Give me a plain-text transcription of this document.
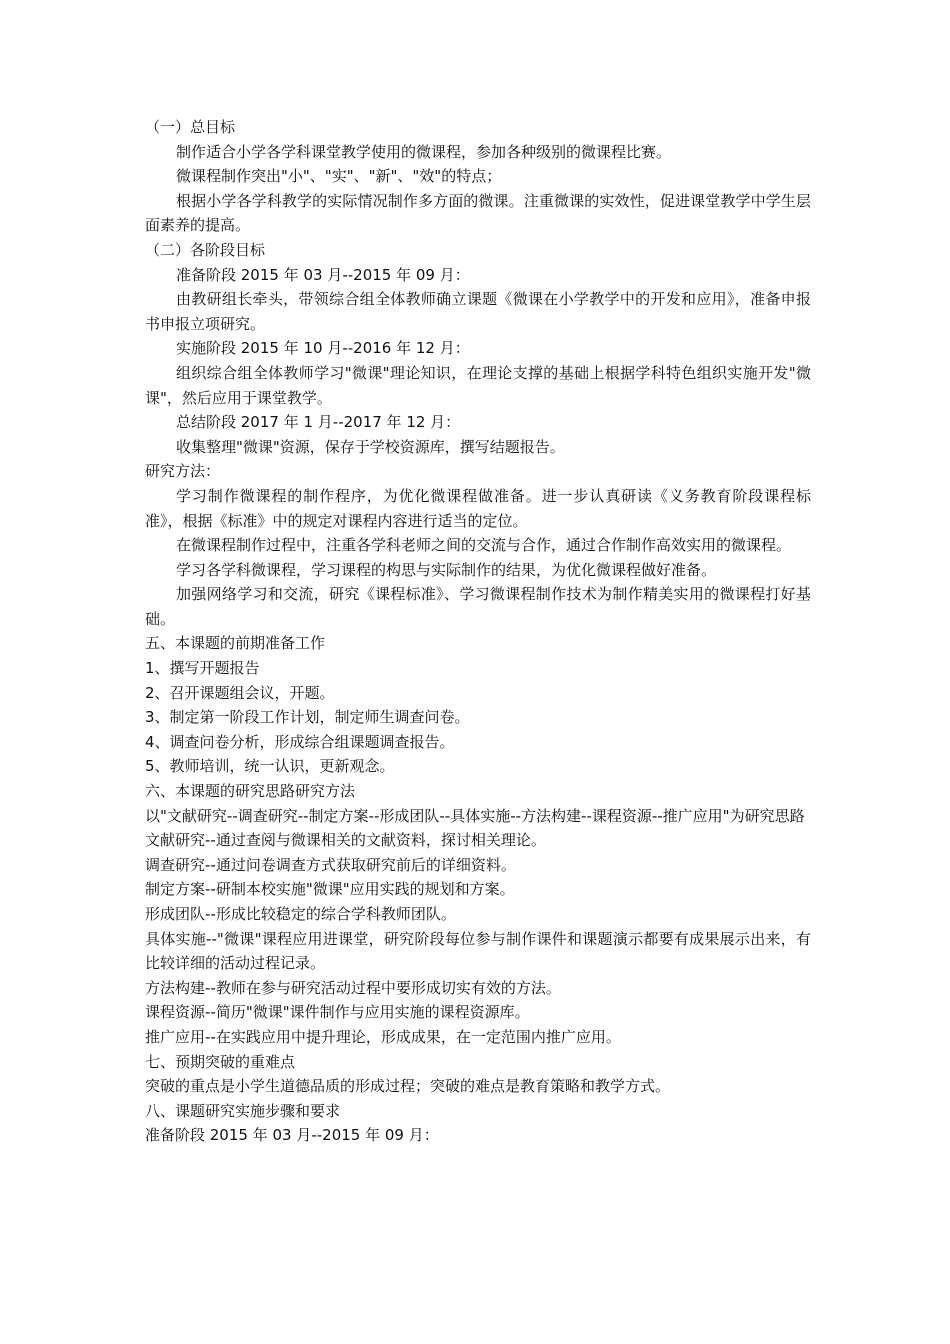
（一）总目标

制作适合小学各学科课堂教学使用的微课程，参加各种级别的微课程比赛。

微课程制作突出"小"、"实"、"新"、"效"的特点；

根据小学各学科教学的实际情况制作多方面的微课。注重微课的实效性，促进课堂教学中学生层面素养的提高。

（二）各阶段目标

准备阶段 2015 年 03 月--2015 年 09 月：

由教研组长牵头，带领综合组全体教师确立课题《微课在小学教学中的开发和应用》，准备申报书申报立项研究。

实施阶段 2015 年 10 月--2016 年 12 月：

组织综合组全体教师学习"微课"理论知识，在理论支撑的基础上根据学科特色组织实施开发"微课"，然后应用于课堂教学。

总结阶段 2017 年 1 月--2017 年 12 月：

收集整理"微课"资源，保存于学校资源库，撰写结题报告。

研究方法：

学习制作微课程的制作程序，为优化微课程做准备。进一步认真研读《义务教育阶段课程标准》，根据《标准》中的规定对课程内容进行适当的定位。

在微课程制作过程中，注重各学科老师之间的交流与合作，通过合作制作高效实用的微课程。

学习各学科微课程，学习课程的构思与实际制作的结果，为优化微课程做好准备。

加强网络学习和交流，研究《课程标准》、学习微课程制作技术为制作精美实用的微课程打好基础。

五、本课题的前期准备工作

1、撰写开题报告

2、召开课题组会议，开题。

3、制定第一阶段工作计划，制定师生调查问卷。

4、调查问卷分析，形成综合组课题调查报告。

5、教师培训，统一认识，更新观念。

六、本课题的研究思路研究方法

以"文献研究--调查研究--制定方案--形成团队--具体实施--方法构建--课程资源--推广应用"为研究思路

文献研究--通过查阅与微课相关的文献资料，探讨相关理论。

调查研究--通过问卷调查方式获取研究前后的详细资料。

制定方案--研制本校实施"微课"应用实践的规划和方案。

形成团队--形成比较稳定的综合学科教师团队。

具体实施--"微课"课程应用进课堂，研究阶段每位参与制作课件和课题演示都要有成果展示出来，有比较详细的活动过程记录。

方法构建--教师在参与研究活动过程中要形成切实有效的方法。

课程资源--简历"微课"课件制作与应用实施的课程资源库。

推广应用--在实践应用中提升理论，形成成果，在一定范围内推广应用。

七、预期突破的重难点

突破的重点是小学生道德品质的形成过程；突破的难点是教育策略和教学方式。

八、课题研究实施步骤和要求

准备阶段 2015 年 03 月--2015 年 09 月：
